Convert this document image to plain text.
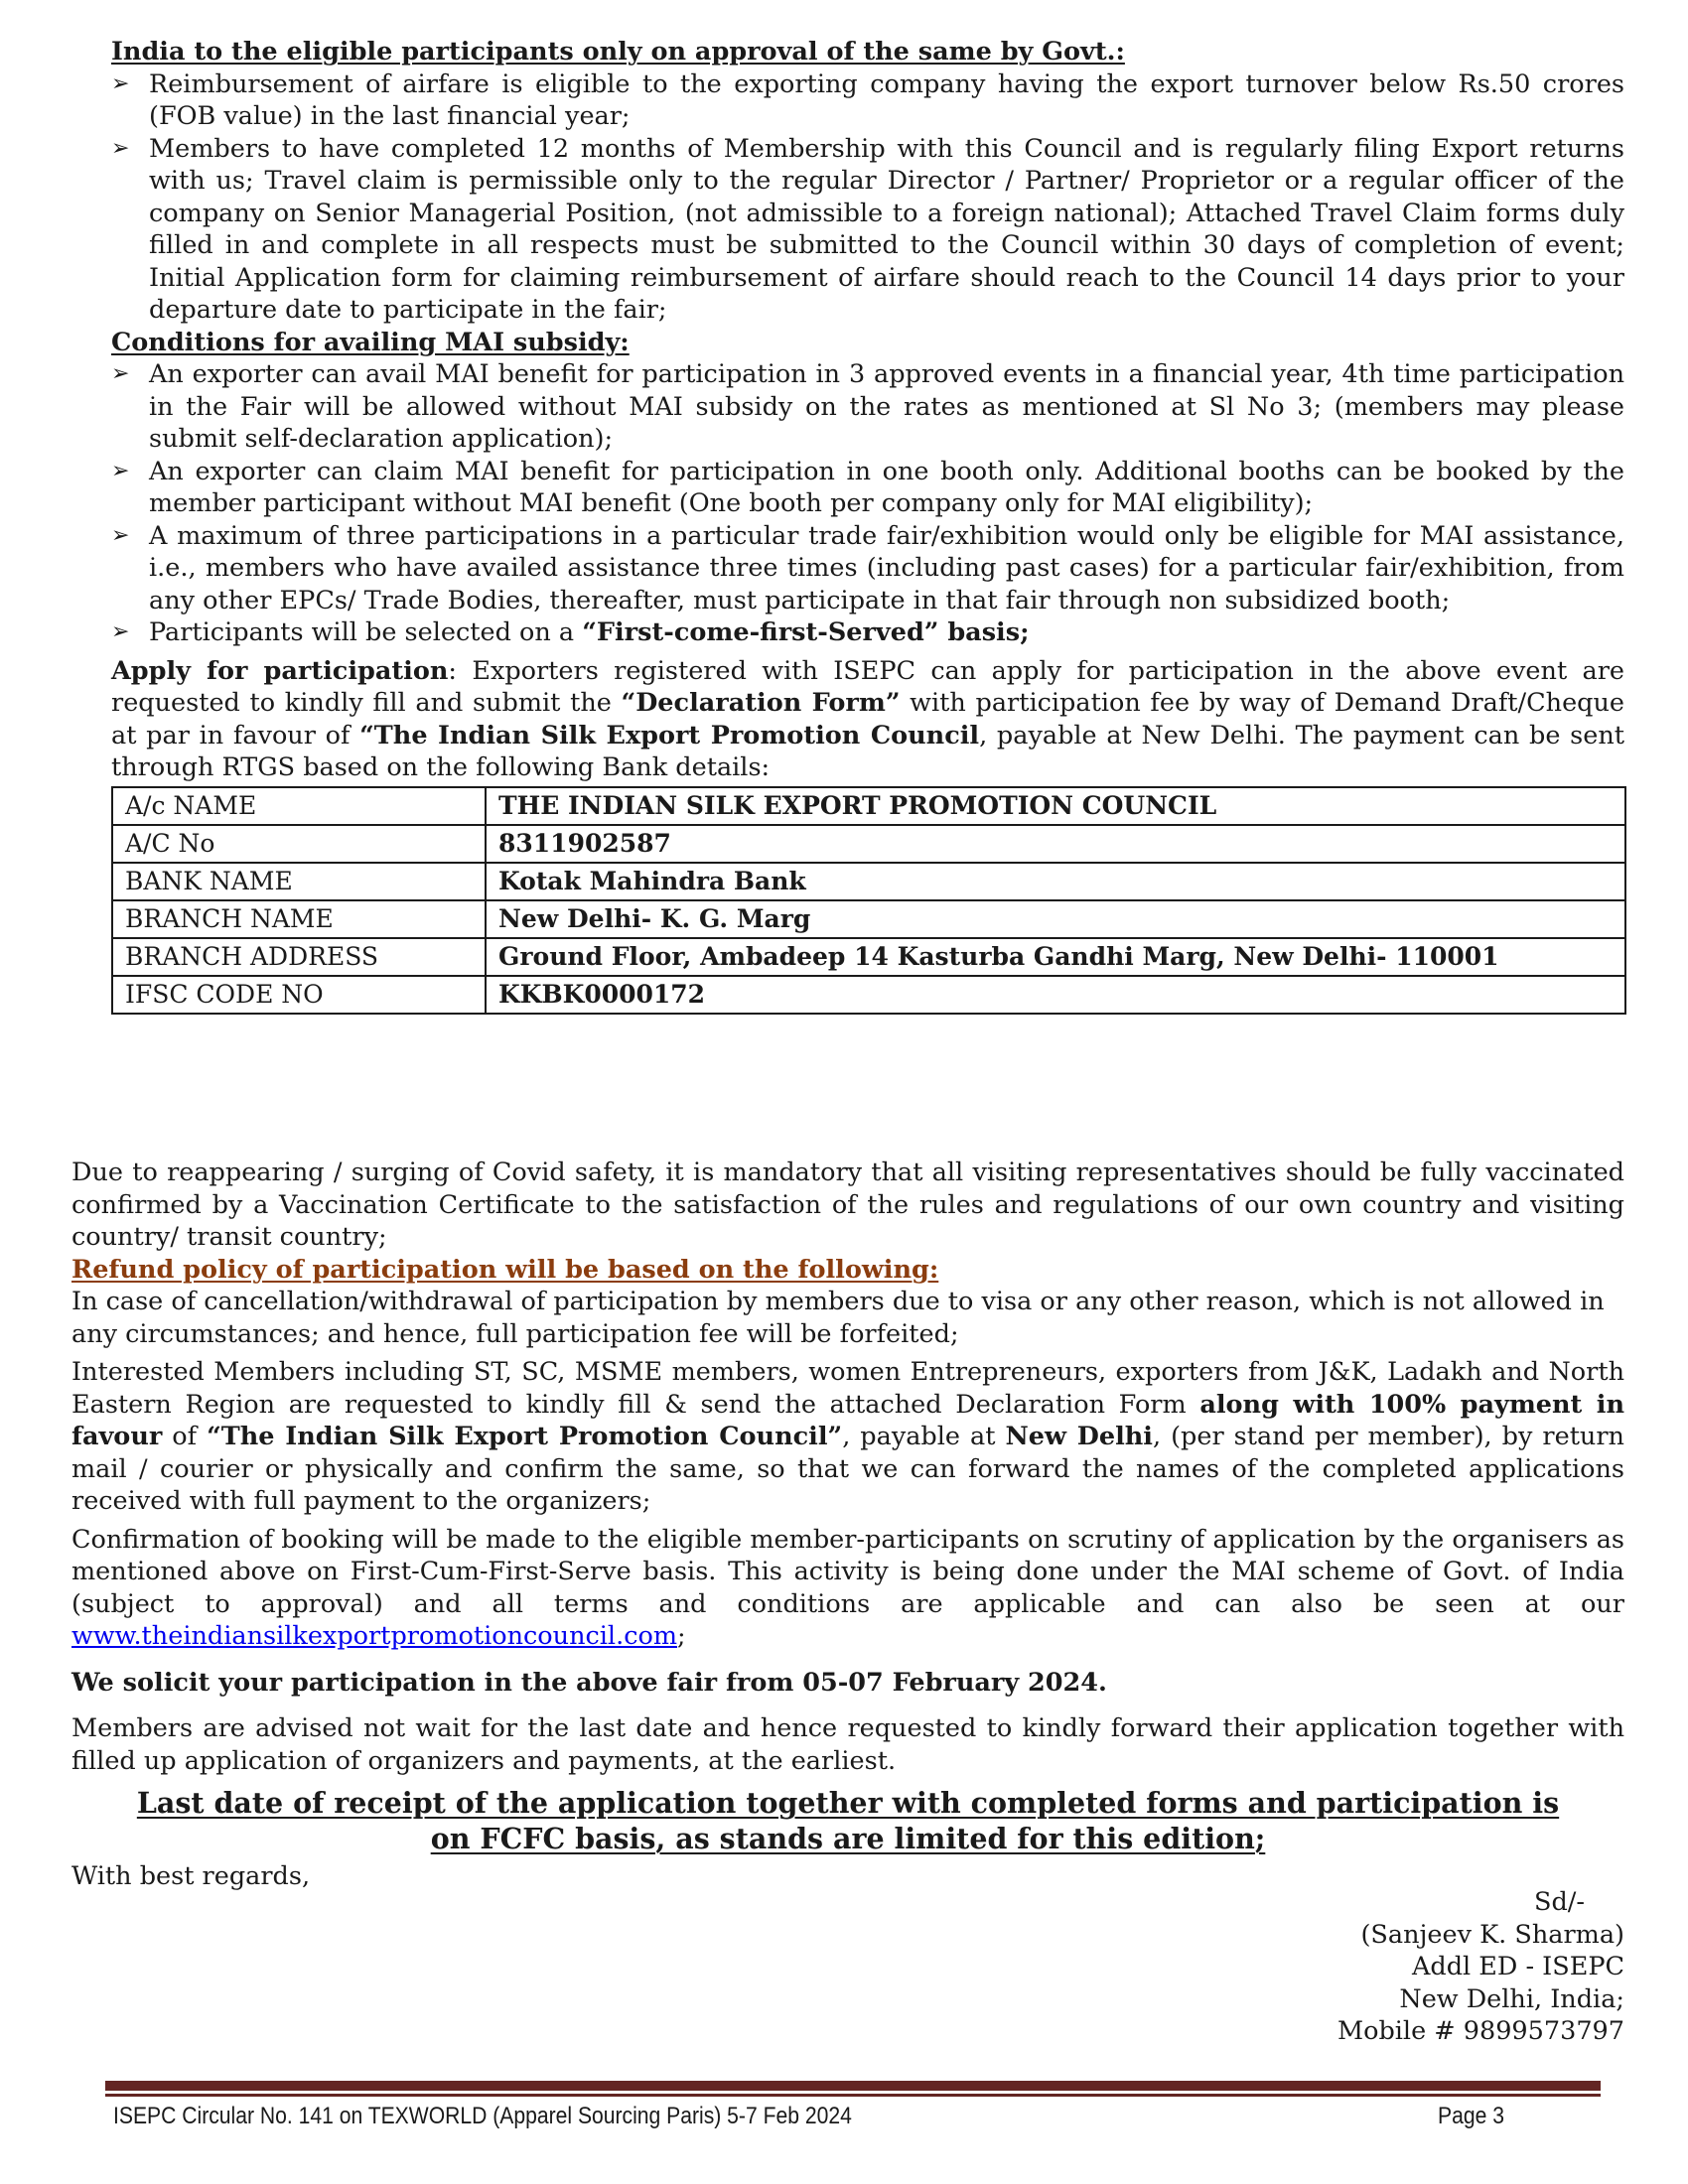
India to the eligible participants only on approval of the same by Govt.:

➢ Reimbursement of airfare is eligible to the exporting company having the export turnover below Rs.50 crores (FOB value) in the last financial year;
➢ Members to have completed 12 months of Membership with this Council and is regularly filing Export returns with us; Travel claim is permissible only to the regular Director / Partner/ Proprietor or a regular officer of the company on Senior Managerial Position, (not admissible to a foreign national); Attached Travel Claim forms duly filled in and complete in all respects must be submitted to the Council within 30 days of completion of event; Initial Application form for claiming reimbursement of airfare should reach to the Council 14 days prior to your departure date to participate in the fair;

Conditions for availing MAI subsidy:

➢ An exporter can avail MAI benefit for participation in 3 approved events in a financial year, 4th time participation in the Fair will be allowed without MAI subsidy on the rates as mentioned at Sl No 3; (members may please submit self-declaration application);
➢ An exporter can claim MAI benefit for participation in one booth only. Additional booths can be booked by the member participant without MAI benefit (One booth per company only for MAI eligibility);
➢ A maximum of three participations in a particular trade fair/exhibition would only be eligible for MAI assistance, i.e., members who have availed assistance three times (including past cases) for a particular fair/exhibition, from any other EPCs/ Trade Bodies, thereafter, must participate in that fair through non subsidized booth;
➢ Participants will be selected on a “First-come-first-Served” basis;

Apply for participation: Exporters registered with ISEPC can apply for participation in the above event are requested to kindly fill and submit the “Declaration Form” with participation fee by way of Demand Draft/Cheque at par in favour of “The Indian Silk Export Promotion Council, payable at New Delhi. The payment can be sent through RTGS based on the following Bank details:

A/c NAME	THE INDIAN SILK EXPORT PROMOTION COUNCIL
A/C No	8311902587
BANK NAME	Kotak Mahindra Bank
BRANCH NAME	New Delhi- K. G. Marg
BRANCH ADDRESS	Ground Floor, Ambadeep 14 Kasturba Gandhi Marg, New Delhi- 110001
IFSC CODE NO	KKBK0000172

Due to reappearing / surging of Covid safety, it is mandatory that all visiting representatives should be fully vaccinated confirmed by a Vaccination Certificate to the satisfaction of the rules and regulations of our own country and visiting country/ transit country;

Refund policy of participation will be based on the following:

In case of cancellation/withdrawal of participation by members due to visa or any other reason, which is not allowed in any circumstances; and hence, full participation fee will be forfeited;

Interested Members including ST, SC, MSME members, women Entrepreneurs, exporters from J&K, Ladakh and North Eastern Region are requested to kindly fill & send the attached Declaration Form along with 100% payment in favour of “The Indian Silk Export Promotion Council”, payable at New Delhi, (per stand per member), by return mail / courier or physically and confirm the same, so that we can forward the names of the completed applications received with full payment to the organizers;

Confirmation of booking will be made to the eligible member-participants on scrutiny of application by the organisers as mentioned above on First-Cum-First-Serve basis. This activity is being done under the MAI scheme of Govt. of India (subject to approval) and all terms and conditions are applicable and can also be seen at our www.theindiansilkexportpromotioncouncil.com;

We solicit your participation in the above fair from 05-07 February 2024.

Members are advised not wait for the last date and hence requested to kindly forward their application together with filled up application of organizers and payments, at the earliest.

Last date of receipt of the application together with completed forms and participation is
on FCFC basis, as stands are limited for this edition;

With best regards,

Sd/-
(Sanjeev K. Sharma)
Addl ED - ISEPC
New Delhi, India;
Mobile # 9899573797
ISEPC Circular No. 141 on TEXWORLD (Apparel Sourcing Paris) 5-7 Feb 2024	Page 3
